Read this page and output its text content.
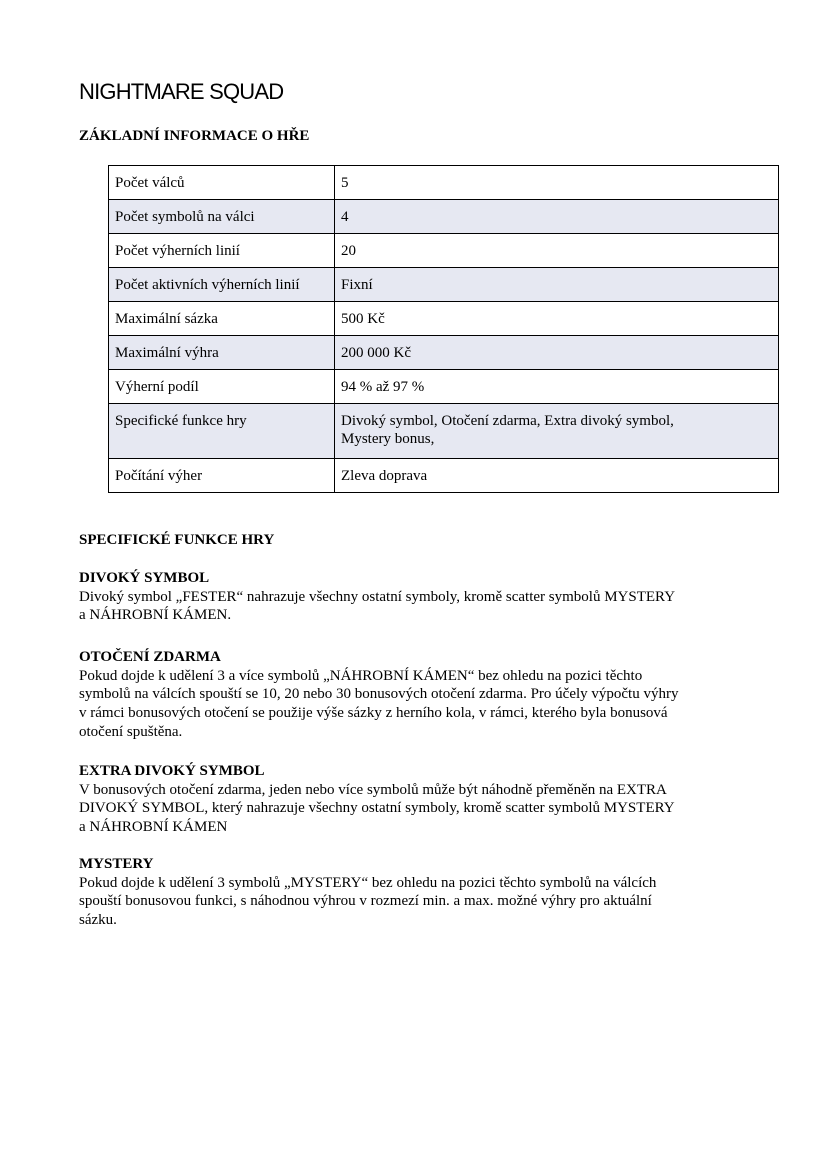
NIGHTMARE SQUAD
ZÁKLADNÍ INFORMACE O HŘE
Počet válců	5

Počet symbolů na válci	4

Počet výherních linií	20

Počet aktivních výherních linií	Fixní

Maximální sázka	500 Kč

Maximální výhra	200 000 Kč

Výherní podíl	94 % až 97 %

Specifické funkce hry	Divoký symbol, Otočení zdarma, Extra divoký symbol,
Mystery bonus,

Počítání výher	Zleva doprava
SPECIFICKÉ FUNKCE HRY
DIVOKÝ SYMBOL
Divoký symbol „FESTER“ nahrazuje všechny ostatní symboly, kromě scatter symbolů MYSTERY
a NÁHROBNÍ KÁMEN.
OTOČENÍ ZDARMA
Pokud dojde k udělení 3 a více symbolů „NÁHROBNÍ KÁMEN“ bez ohledu na pozici těchto
symbolů na válcích spouští se 10, 20 nebo 30 bonusových otočení zdarma. Pro účely výpočtu výhry
v rámci bonusových otočení se použije výše sázky z herního kola, v rámci, kterého byla bonusová
otočení spuštěna.
EXTRA DIVOKÝ SYMBOL
V bonusových otočení zdarma, jeden nebo více symbolů může být náhodně přeměněn na EXTRA
DIVOKÝ SYMBOL, který nahrazuje všechny ostatní symboly, kromě scatter symbolů MYSTERY
a NÁHROBNÍ KÁMEN
MYSTERY
Pokud dojde k udělení 3 symbolů „MYSTERY“ bez ohledu na pozici těchto symbolů na válcích
spouští bonusovou funkci, s náhodnou výhrou v rozmezí min. a max. možné výhry pro aktuální
sázku.
